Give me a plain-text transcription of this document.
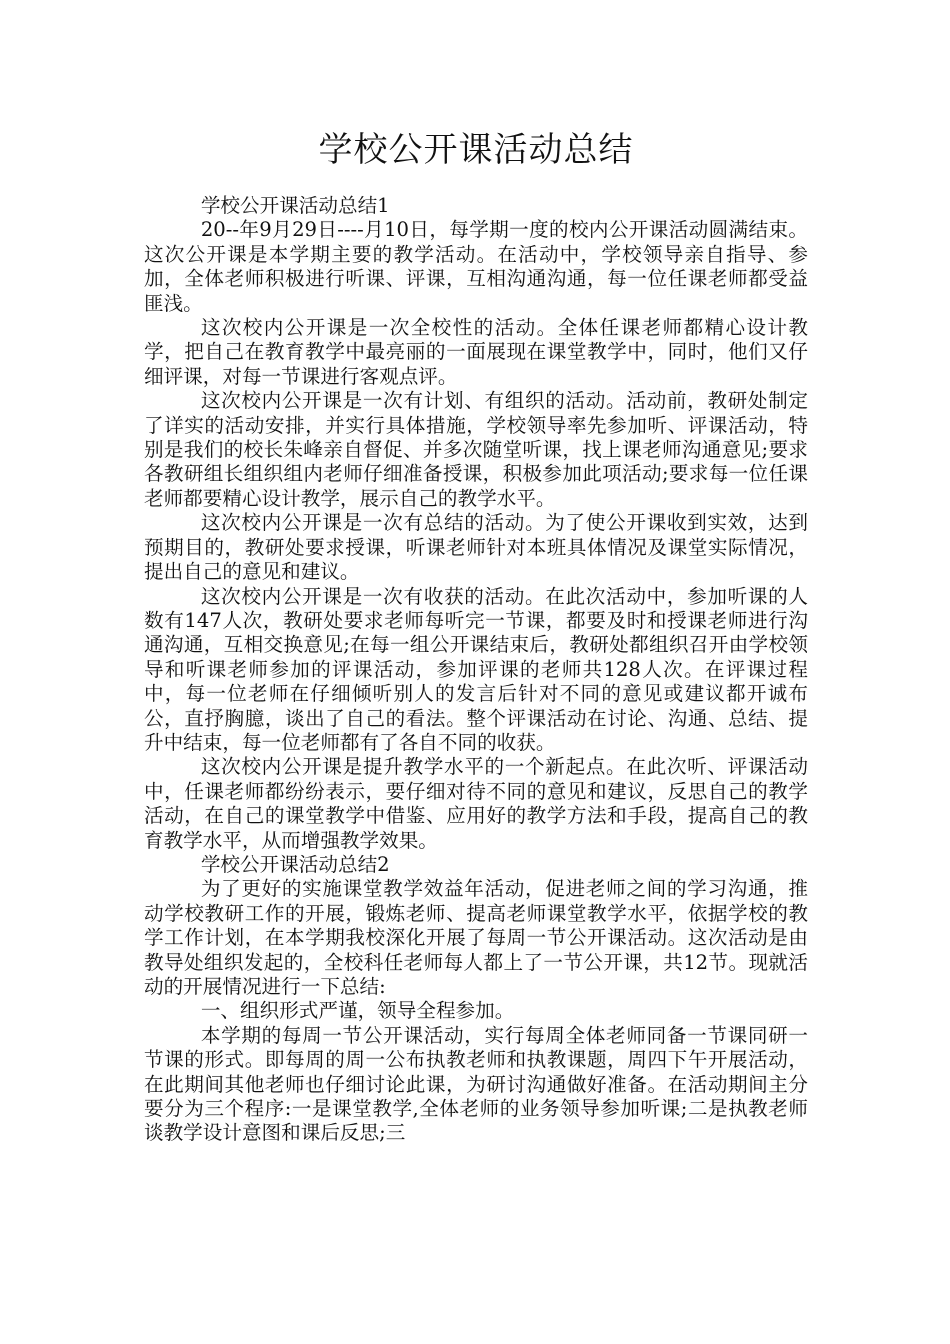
学校公开课活动总结

学校公开课活动总结1

20--年9月29日----月10日，每学期一度的校内公开课活动圆满结束。这次公开课是本学期主要的教学活动。在活动中，学校领导亲自指导、参加，全体老师积极进行听课、评课，互相沟通沟通，每一位任课老师都受益匪浅。

这次校内公开课是一次全校性的活动。全体任课老师都精心设计教学，把自己在教育教学中最亮丽的一面展现在课堂教学中，同时，他们又仔细评课，对每一节课进行客观点评。

这次校内公开课是一次有计划、有组织的活动。活动前，教研处制定了详实的活动安排，并实行具体措施，学校领导率先参加听、评课活动，特别是我们的校长朱峰亲自督促、并多次随堂听课，找上课老师沟通意见;要求各教研组长组织组内老师仔细准备授课，积极参加此项活动;要求每一位任课老师都要精心设计教学，展示自己的教学水平。

这次校内公开课是一次有总结的活动。为了使公开课收到实效，达到预期目的，教研处要求授课，听课老师针对本班具体情况及课堂实际情况，提出自己的意见和建议。

这次校内公开课是一次有收获的活动。在此次活动中，参加听课的人数有147人次，教研处要求老师每听完一节课，都要及时和授课老师进行沟通沟通，互相交换意见;在每一组公开课结束后，教研处都组织召开由学校领导和听课老师参加的评课活动，参加评课的老师共128人次。在评课过程中，每一位老师在仔细倾听别人的发言后针对不同的意见或建议都开诚布公，直抒胸臆，谈出了自己的看法。整个评课活动在讨论、沟通、总结、提升中结束，每一位老师都有了各自不同的收获。

这次校内公开课是提升教学水平的一个新起点。在此次听、评课活动中，任课老师都纷纷表示，要仔细对待不同的意见和建议，反思自己的教学活动，在自己的课堂教学中借鉴、应用好的教学方法和手段，提高自己的教育教学水平，从而增强教学效果。

学校公开课活动总结2

为了更好的实施课堂教学效益年活动，促进老师之间的学习沟通，推动学校教研工作的开展，锻炼老师、提高老师课堂教学水平，依据学校的教学工作计划，在本学期我校深化开展了每周一节公开课活动。这次活动是由教导处组织发起的，全校科任老师每人都上了一节公开课，共12节。现就活动的开展情况进行一下总结:

一、组织形式严谨，领导全程参加。

本学期的每周一节公开课活动，实行每周全体老师同备一节课同研一节课的形式。即每周的周一公布执教老师和执教课题，周四下午开展活动，在此期间其他老师也仔细讨论此课，为研讨沟通做好准备。在活动期间主分要分为三个程序:一是课堂教学,全体老师的业务领导参加听课;二是执教老师谈教学设计意图和课后反思;三
